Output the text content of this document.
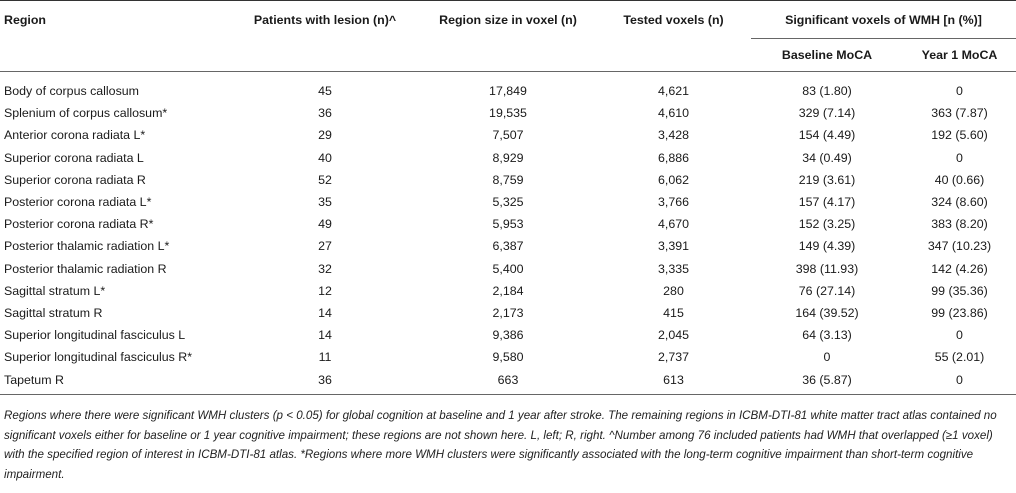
Region	Patients with lesion (n)^	Region size in voxel (n)	Tested voxels (n)	Significant voxels of WMH [n (%)]	
				Baseline MoCA	Year 1 MoCA

Body of corpus callosum	45	17,849	4,621	83 (1.80)	0
Splenium of corpus callosum*	36	19,535	4,610	329 (7.14)	363 (7.87)
Anterior corona radiata L*	29	7,507	3,428	154 (4.49)	192 (5.60)
Superior corona radiata L	40	8,929	6,886	34 (0.49)	0
Superior corona radiata R	52	8,759	6,062	219 (3.61)	40 (0.66)
Posterior corona radiata L*	35	5,325	3,766	157 (4.17)	324 (8.60)
Posterior corona radiata R*	49	5,953	4,670	152 (3.25)	383 (8.20)
Posterior thalamic radiation L*	27	6,387	3,391	149 (4.39)	347 (10.23)
Posterior thalamic radiation R	32	5,400	3,335	398 (11.93)	142 (4.26)
Sagittal stratum L*	12	2,184	280	76 (27.14)	99 (35.36)
Sagittal stratum R	14	2,173	415	164 (39.52)	99 (23.86)
Superior longitudinal fasciculus L	14	9,386	2,045	64 (3.13)	0
Superior longitudinal fasciculus R*	11	9,580	2,737	0	55 (2.01)
Tapetum R	36	663	613	36 (5.87)	0
Regions where there were significant WMH clusters (p < 0.05) for global cognition at baseline and 1 year after stroke. The remaining regions in ICBM-DTI-81 white matter tract atlas contained no significant voxels either for baseline or 1 year cognitive impairment; these regions are not shown here. L, left; R, right. ^Number among 76 included patients had WMH that overlapped (≥1 voxel) with the specified region of interest in ICBM-DTI-81 atlas. *Regions where more WMH clusters were significantly associated with the long-term cognitive impairment than short-term cognitive impairment.
